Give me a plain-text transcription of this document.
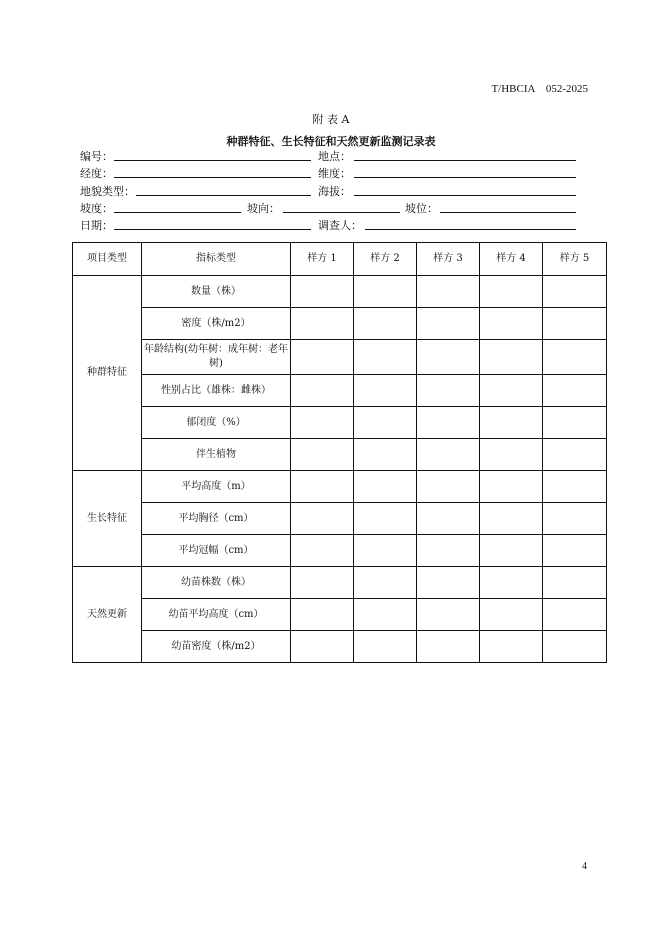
T/HBCIA　052-2025
附 表 A
种群特征、生长特征和天然更新监测记录表
编号：	地点：
经度：	维度：
地貌类型：	海拔：
坡度：	坡向：	坡位：
日期：	调查人：
项目类型	指标类型	样方 1	样方 2	样方 3	样方 4	样方 5
种群特征	数量（株）					
	密度（株/m2）					
	年龄结构(幼年树：成年树：老年树)					
	性别占比（雄株：雌株）					
	郁闭度（%）					
	伴生植物					
生长特征	平均高度（m）					
	平均胸径（cm）					
	平均冠幅（cm）					
天然更新	幼苗株数（株）					
	幼苗平均高度（cm）					
	幼苗密度（株/m2）					
4
